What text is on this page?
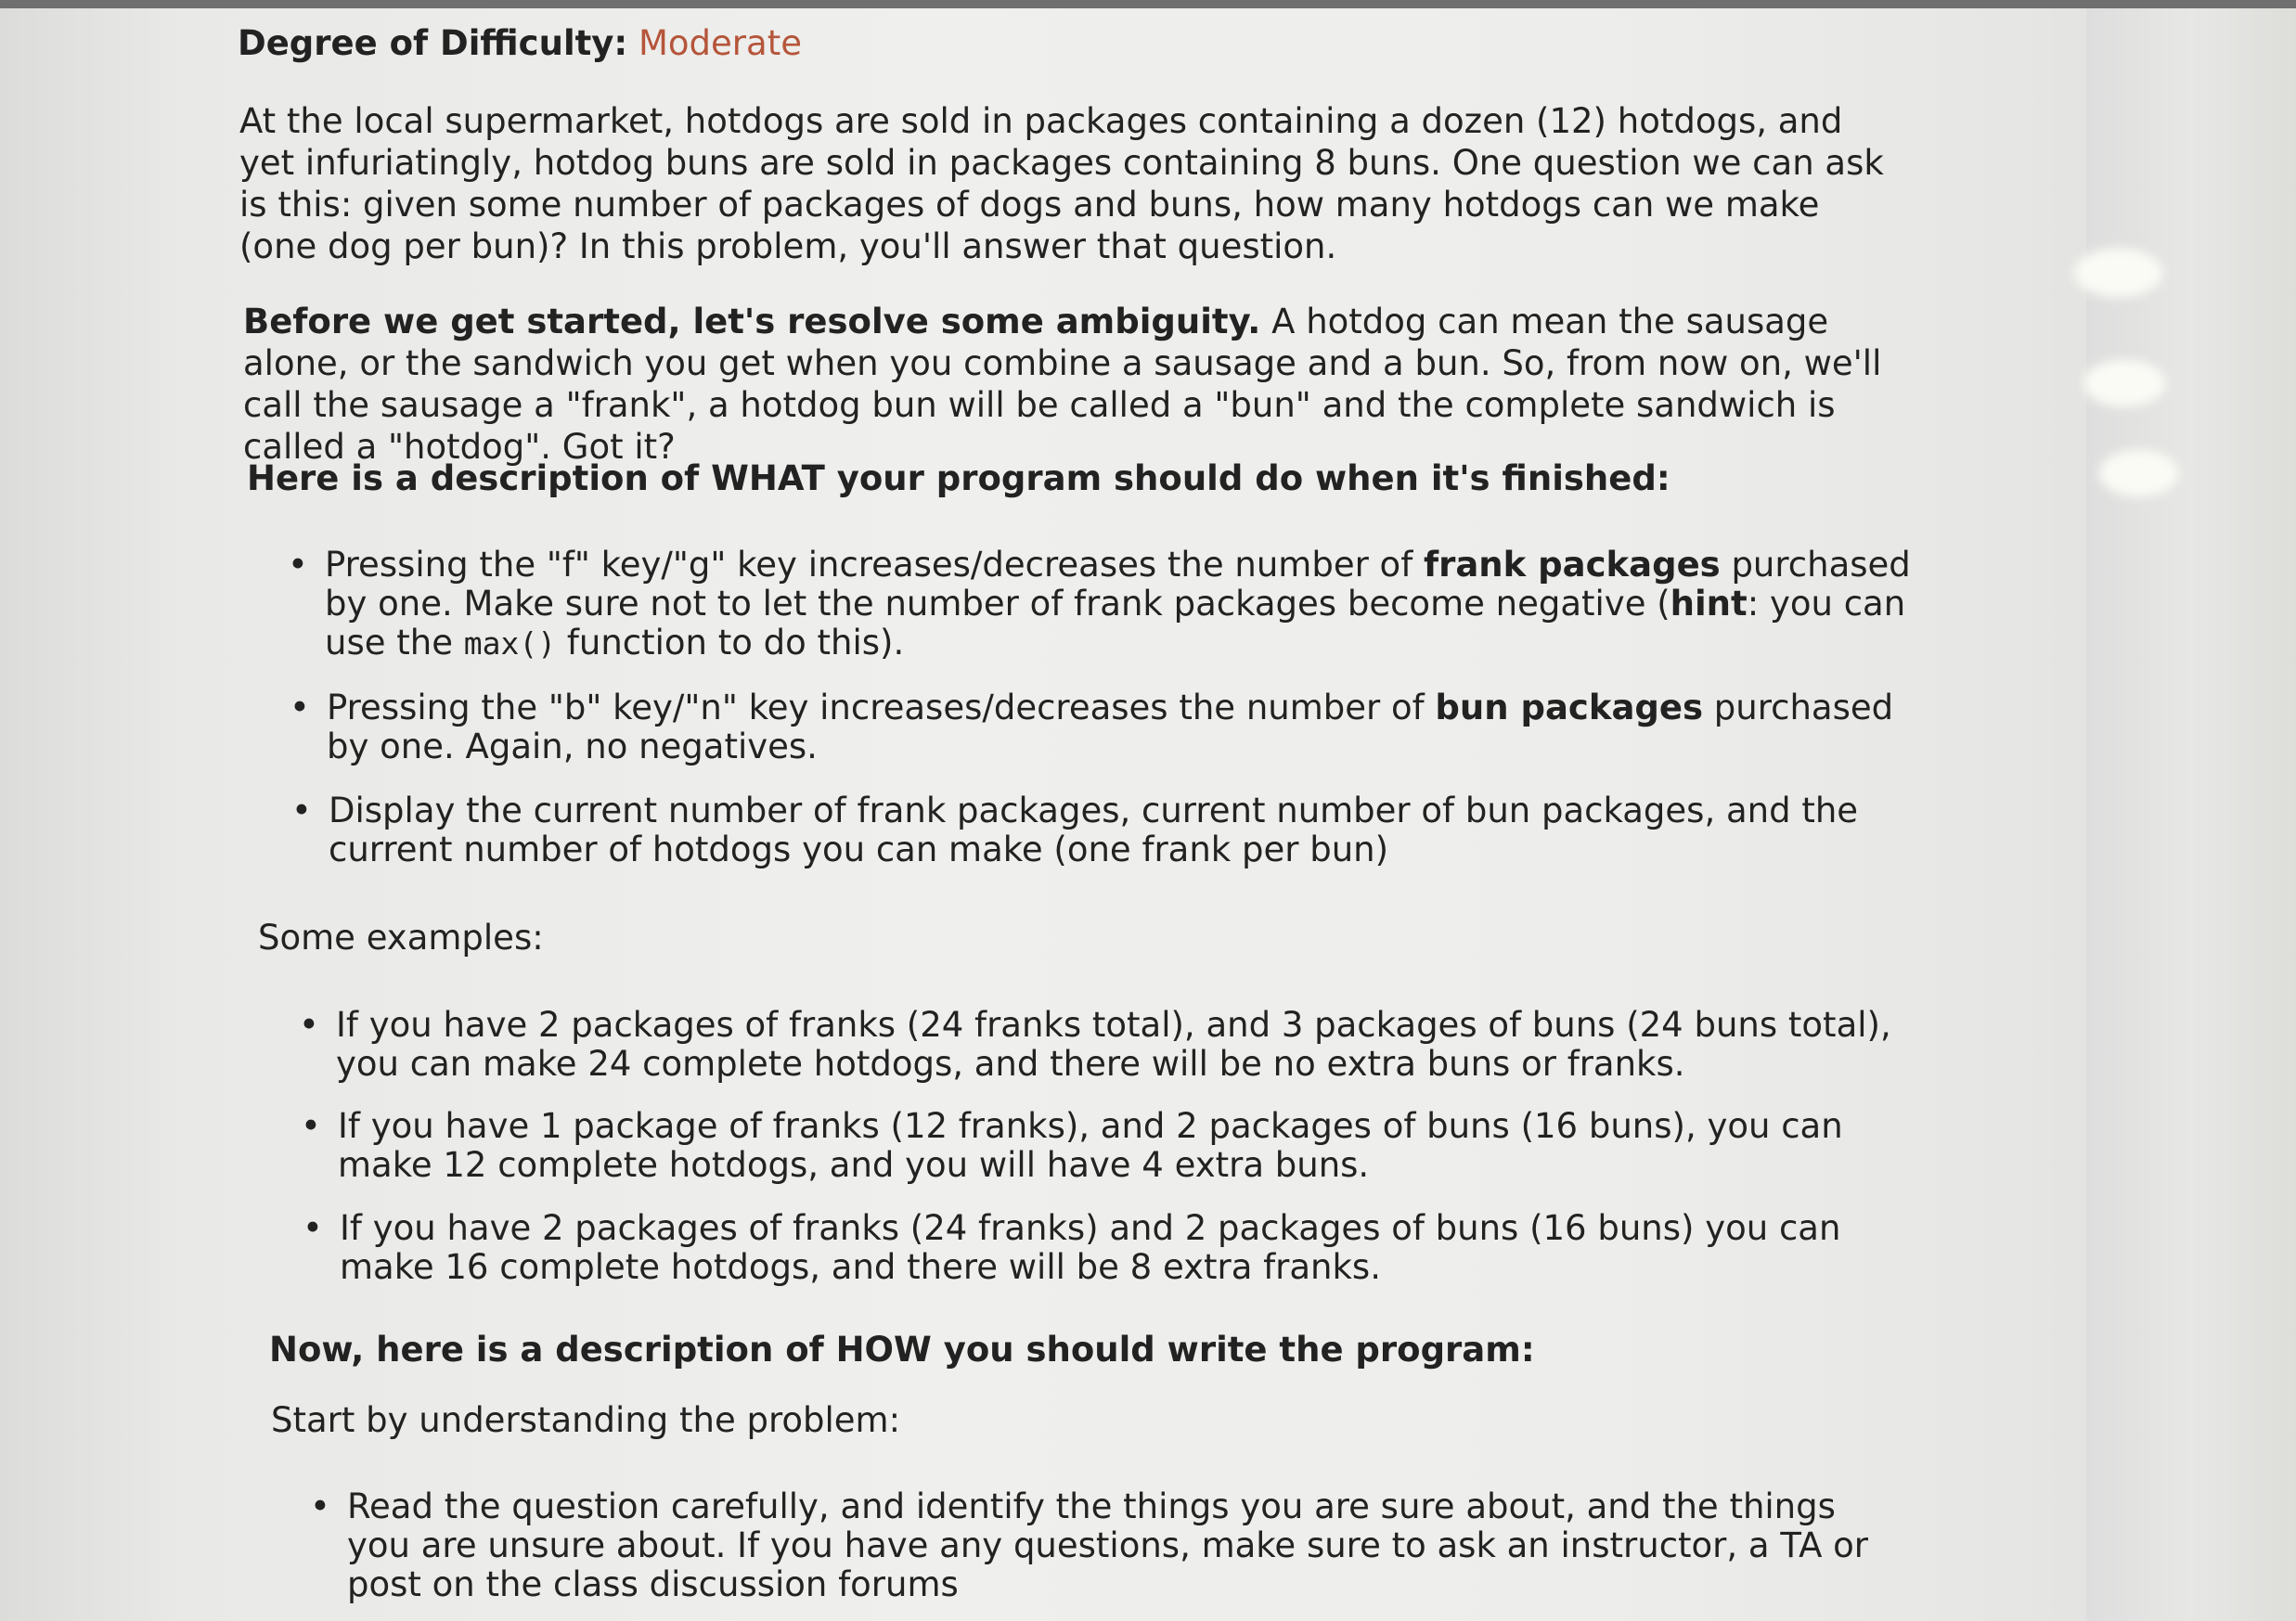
Degree of Difficulty: Moderate

At the local supermarket, hotdogs are sold in packages containing a dozen (12) hotdogs, and yet infuriatingly, hotdog buns are sold in packages containing 8 buns. One question we can ask is this: given some number of packages of dogs and buns, how many hotdogs can we make (one dog per bun)? In this problem, you'll answer that question.

Before we get started, let's resolve some ambiguity. A hotdog can mean the sausage alone, or the sandwich you get when you combine a sausage and a bun. So, from now on, we'll call the sausage a "frank", a hotdog bun will be called a "bun" and the complete sandwich is called a "hotdog". Got it?

Here is a description of WHAT your program should do when it's finished:

• Pressing the "f" key/"g" key increases/decreases the number of frank packages purchased by one. Make sure not to let the number of frank packages become negative (hint: you can use the max() function to do this).
• Pressing the "b" key/"n" key increases/decreases the number of bun packages purchased by one. Again, no negatives.
• Display the current number of frank packages, current number of bun packages, and the current number of hotdogs you can make (one frank per bun)

Some examples:

• If you have 2 packages of franks (24 franks total), and 3 packages of buns (24 buns total), you can make 24 complete hotdogs, and there will be no extra buns or franks.
• If you have 1 package of franks (12 franks), and 2 packages of buns (16 buns), you can make 12 complete hotdogs, and you will have 4 extra buns.
• If you have 2 packages of franks (24 franks) and 2 packages of buns (16 buns) you can make 16 complete hotdogs, and there will be 8 extra franks.

Now, here is a description of HOW you should write the program:

Start by understanding the problem:

• Read the question carefully, and identify the things you are sure about, and the things you are unsure about. If you have any questions, make sure to ask an instructor, a TA or post on the class discussion forums
